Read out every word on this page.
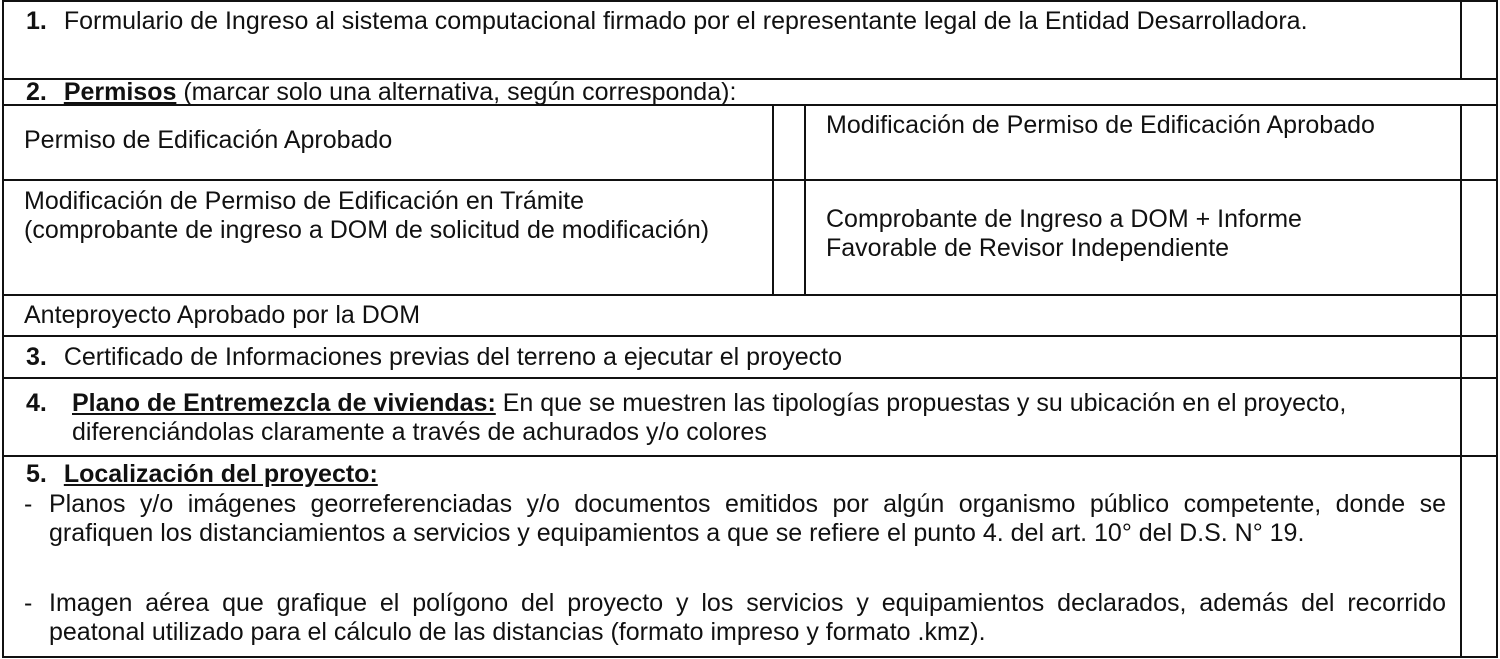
1. Formulario de Ingreso al sistema computacional firmado por el representante legal de la Entidad Desarrolladora.
2. Permisos (marcar solo una alternativa, según corresponda):
Permiso de Edificación Aprobado
Modificación de Permiso de Edificación Aprobado
Modificación de Permiso de Edificación en Trámite (comprobante de ingreso a DOM de solicitud de modificación)	Comprobante de Ingreso a DOM + Informe Favorable de Revisor Independiente
Anteproyecto Aprobado por la DOM
3. Certificado de Informaciones previas del terreno a ejecutar el proyecto
4. Plano de Entremezcla de viviendas: En que se muestren las tipologías propuestas y su ubicación en el proyecto, diferenciándolas claramente a través de achurados y/o colores
5. Localización del proyecto:
- Planos y/o imágenes georreferenciadas y/o documentos emitidos por algún organismo público competente, donde se grafiquen los distanciamientos a servicios y equipamientos a que se refiere el punto 4. del art. 10° del D.S. N° 19.
- Imagen aérea que grafique el polígono del proyecto y los servicios y equipamientos declarados, además del recorrido peatonal utilizado para el cálculo de las distancias (formato impreso y formato .kmz).
